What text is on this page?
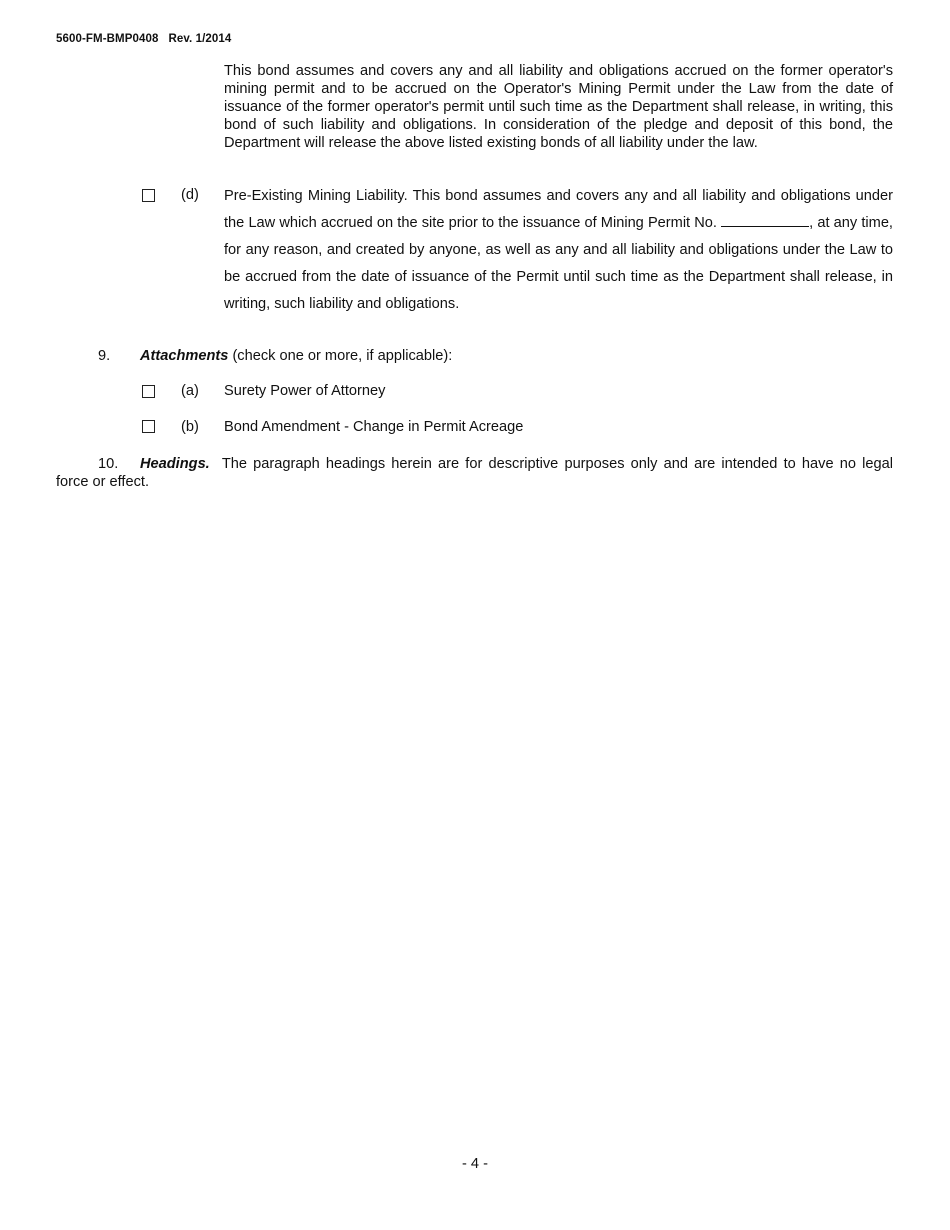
5600-FM-BMP0408 Rev. 1/2014
This bond assumes and covers any and all liability and obligations accrued on the former operator's mining permit and to be accrued on the Operator's Mining Permit under the Law from the date of issuance of the former operator's permit until such time as the Department shall release, in writing, this bond of such liability and obligations. In consideration of the pledge and deposit of this bond, the Department will release the above listed existing bonds of all liability under the law.
(d) Pre-Existing Mining Liability. This bond assumes and covers any and all liability and obligations under the Law which accrued on the site prior to the issuance of Mining Permit No.	, at any time, for any reason, and created by anyone, as well as any and all liability and obligations under the Law to be accrued from the date of issuance of the Permit until such time as the Department shall release, in writing, such liability and obligations.
9. Attachments (check one or more, if applicable):
(a) Surety Power of Attorney
(b) Bond Amendment - Change in Permit Acreage
10. Headings.  The paragraph headings herein are for descriptive purposes only and are intended to have no legal force or effect.
- 4 -
